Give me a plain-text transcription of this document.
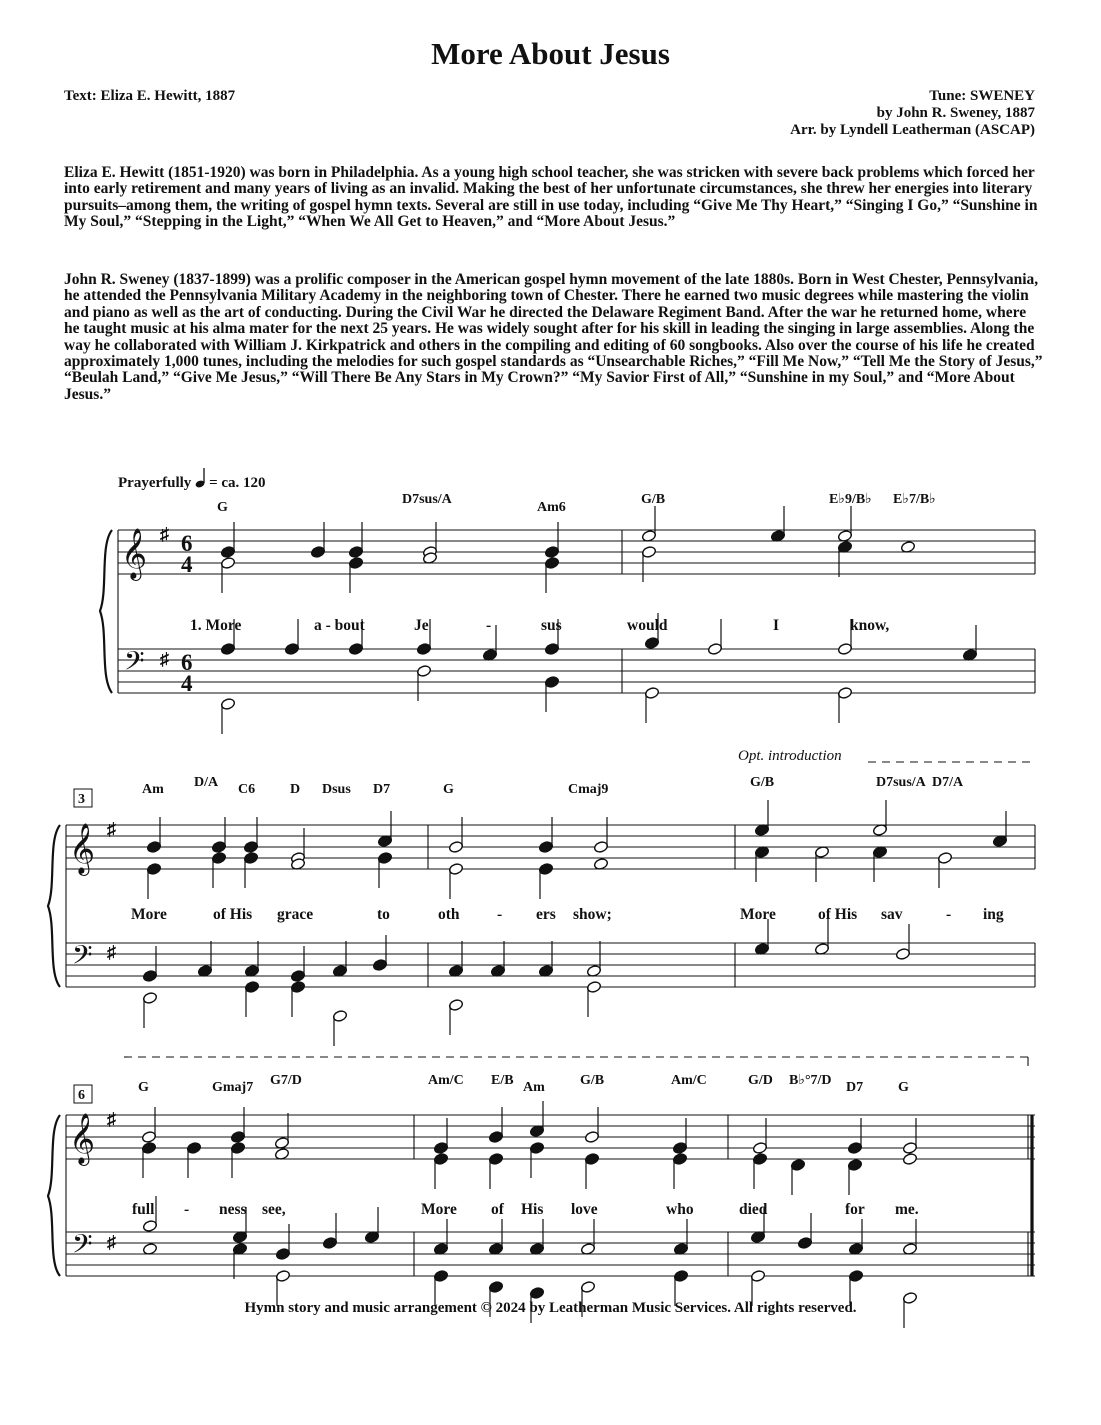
More About Jesus
Text: Eliza E. Hewitt, 1887	Tune: SWENEY
by John R. Sweney, 1887
Arr. by Lyndell Leatherman (ASCAP)
Eliza E. Hewitt (1851-1920) was born in Philadelphia. As a young high school teacher, she was stricken with severe back problems which forced her into early retirement and many years of living as an invalid. Making the best of her unfortunate circumstances, she threw her energies into literary pursuits–among them, the writing of gospel hymn texts. Several are still in use today, including “Give Me Thy Heart,” “Singing I Go,” “Sunshine in My Soul,” “Stepping in the Light,” “When We All Get to Heaven,” and “More About Jesus.”
John R. Sweney (1837-1899) was a prolific composer in the American gospel hymn movement of the late 1880s. Born in West Chester, Pennsylvania, he attended the Pennsylvania Military Academy in the neighboring town of Chester. There he earned two music degrees while mastering the violin and piano as well as the art of conducting. During the Civil War he directed the Delaware Regiment Band. After the war he returned home, where he taught music at his alma mater for the next 25 years. He was widely sought after for his skill in leading the singing in large assemblies. Along the way he collaborated with William J. Kirkpatrick and others in the compiling and editing of 60 songbooks. Also over the course of his life he created approximately 1,000 tunes, including the melodies for such gospel standards as “Unsearchable Riches,” “Fill Me Now,” “Tell Me the Story of Jesus,” “Beulah Land,” “Give Me Jesus,” “Will There Be Any Stars in My Crown?” “My Savior First of All,” “Sunshine in my Soul,” and “More About Jesus.”
Prayerfully = ca. 120
𝄞
𝄢
𝄞
𝄢
𝄞
𝄢
♯
♯
♯
♯
♯
♯
6
4
6
4
3
6
Opt. introduction
G
D7sus/A
Am6
G/B	E♭9/B♭ E♭7/B♭
Am D/A C6 D Dsus D7	G	Cmaj9	G/B	D7sus/A D7/A
G	Gmaj7 G7/D	Am/C E/B Am	G/B	Am/C	G/D B♭°7/D D7 G
1. More	a - bout	Je	-	sus	would	I	know,
More	of His grace	to	oth - ers show;	More	of His sav	- ing
full - ness see,	More of His love	who	died	for me.
Hymn story and music arrangement © 2024 by Leatherman Music Services. All rights reserved.
